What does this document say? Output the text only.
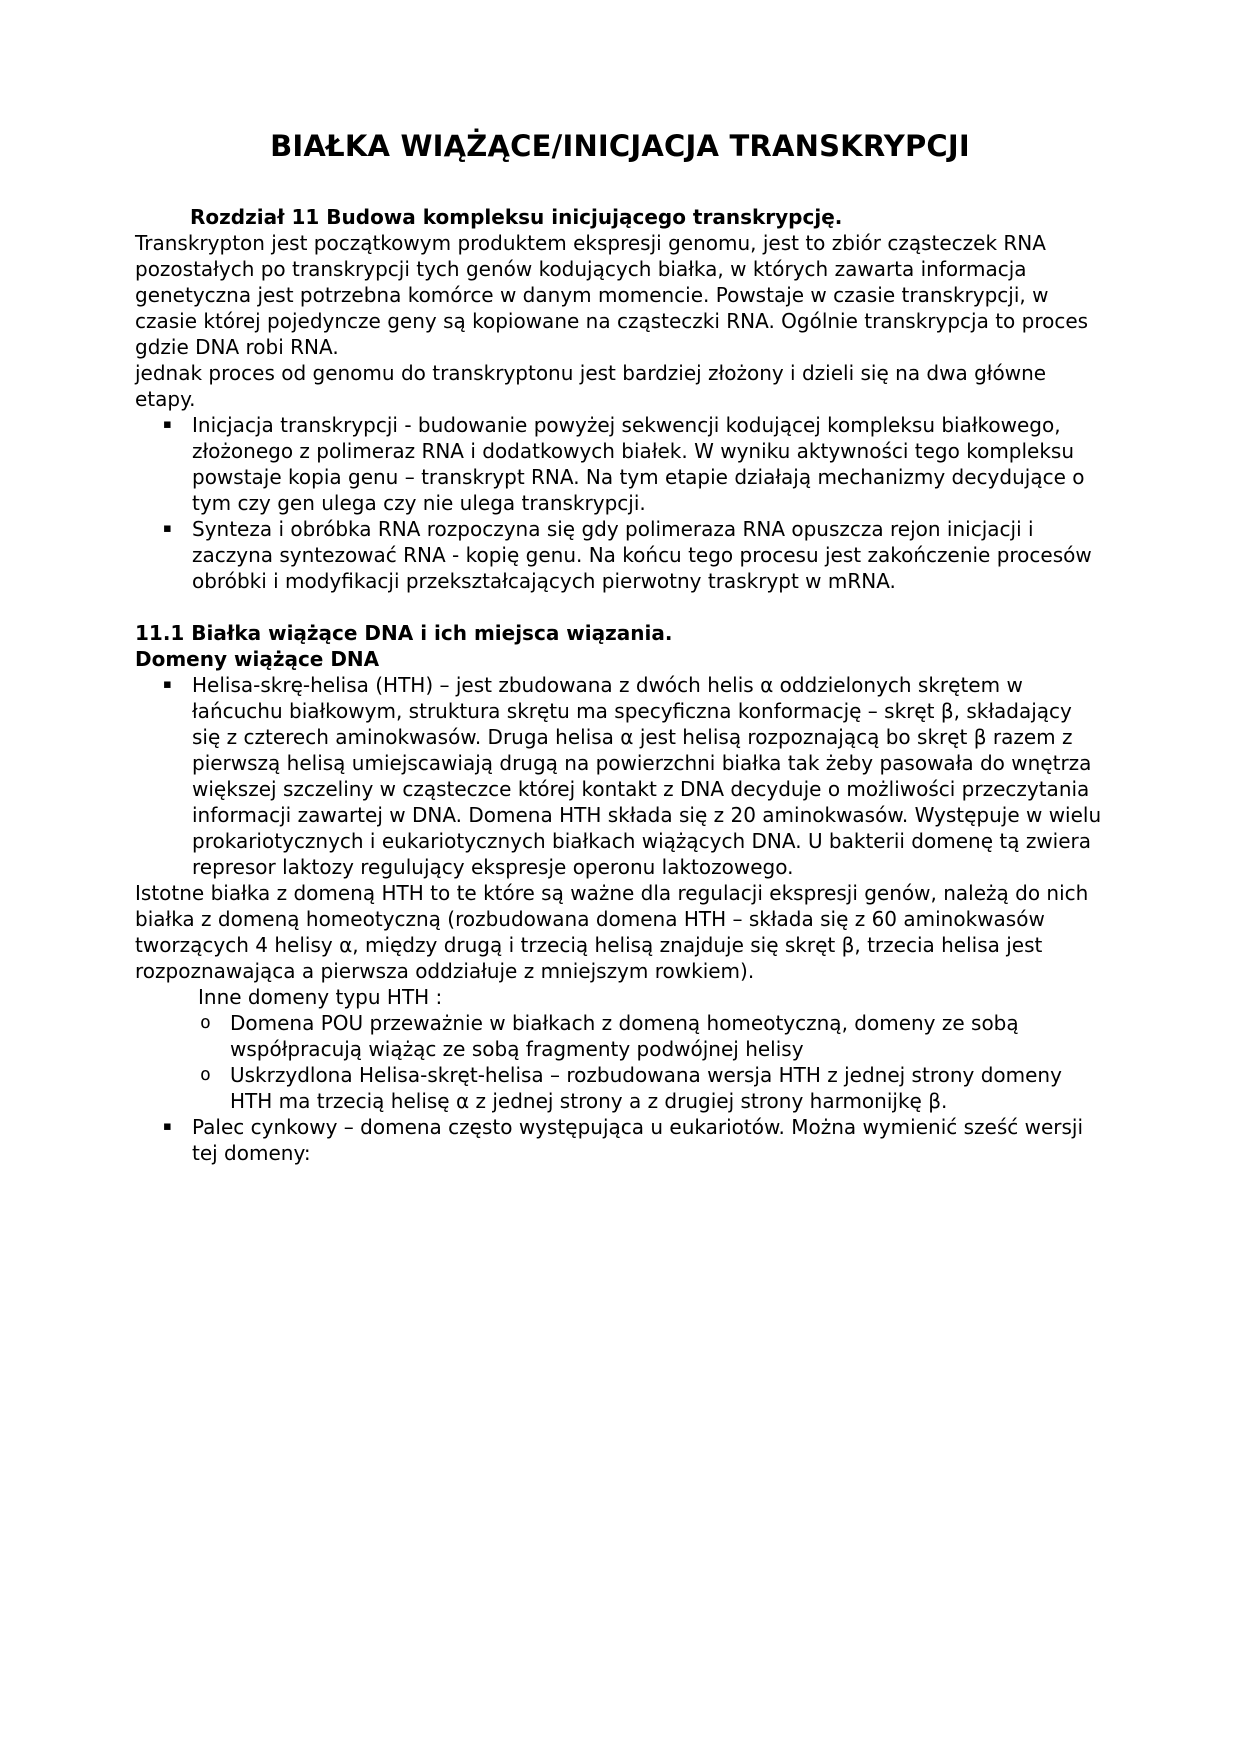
BIAŁKA WIĄŻĄCE/INICJACJA TRANSKRYPCJI

Rozdział 11 Budowa kompleksu inicjującego transkrypcję.

Transkrypton jest początkowym produktem ekspresji genomu, jest to zbiór cząsteczek RNA pozostałych po transkrypcji tych genów kodujących białka, w których zawarta informacja genetyczna jest potrzebna komórce w danym momencie. Powstaje w czasie transkrypcji, w czasie której pojedyncze geny są kopiowane na cząsteczki RNA. Ogólnie transkrypcja to proces gdzie DNA robi RNA.

jednak proces od genomu do transkryptonu jest bardziej złożony i dzieli się na dwa główne etapy.

▪ Inicjacja transkrypcji - budowanie powyżej sekwencji kodującej kompleksu białkowego, złożonego z polimeraz RNA i dodatkowych białek. W wyniku aktywności tego kompleksu powstaje kopia genu – transkrypt RNA. Na tym etapie działają mechanizmy decydujące o tym czy gen ulega czy nie ulega transkrypcji.
▪ Synteza i obróbka RNA rozpoczyna się gdy polimeraza RNA opuszcza rejon inicjacji i zaczyna syntezować RNA - kopię genu. Na końcu tego procesu jest zakończenie procesów obróbki i modyfikacji przekształcających pierwotny traskrypt w mRNA.
11.1 Białka wiążące DNA i ich miejsca wiązania.
Domeny wiążące DNA
▪ Helisa-skrę-helisa (HTH) – jest zbudowana z dwóch helis α oddzielonych skrętem w łańcuchu białkowym, struktura skrętu ma specyficzna konformację – skręt β, składający się z czterech aminokwasów. Druga helisa α jest helisą rozpoznającą bo skręt β razem z pierwszą helisą umiejscawiają drugą na powierzchni białka tak żeby pasowała do wnętrza większej szczeliny w cząsteczce której kontakt z DNA decyduje o możliwości przeczytania informacji zawartej w DNA. Domena HTH składa się z 20 aminokwasów. Występuje w wielu prokariotycznych i eukariotycznych białkach wiążących DNA. U bakterii domenę tą zwiera represor laktozy regulujący ekspresje operonu laktozowego.

Istotne białka z domeną HTH to te które są ważne dla regulacji ekspresji genów, należą do nich białka z domeną homeotyczną (rozbudowana domena HTH – składa się z 60 aminokwasów tworzących 4 helisy α, między drugą i trzecią helisą znajduje się skręt β, trzecia helisa jest rozpoznawająca a pierwsza oddziałuje z mniejszym rowkiem).

Inne domeny typu HTH :

o Domena POU przeważnie w białkach z domeną homeotyczną, domeny ze sobą współpracują wiążąc ze sobą fragmenty podwójnej helisy
o Uskrzydlona Helisa-skręt-helisa – rozbudowana wersja HTH z jednej strony domeny HTH ma trzecią helisę α z jednej strony a z drugiej strony harmonijkę β.
▪ Palec cynkowy – domena często występująca u eukariotów. Można wymienić sześć wersji tej domeny:
